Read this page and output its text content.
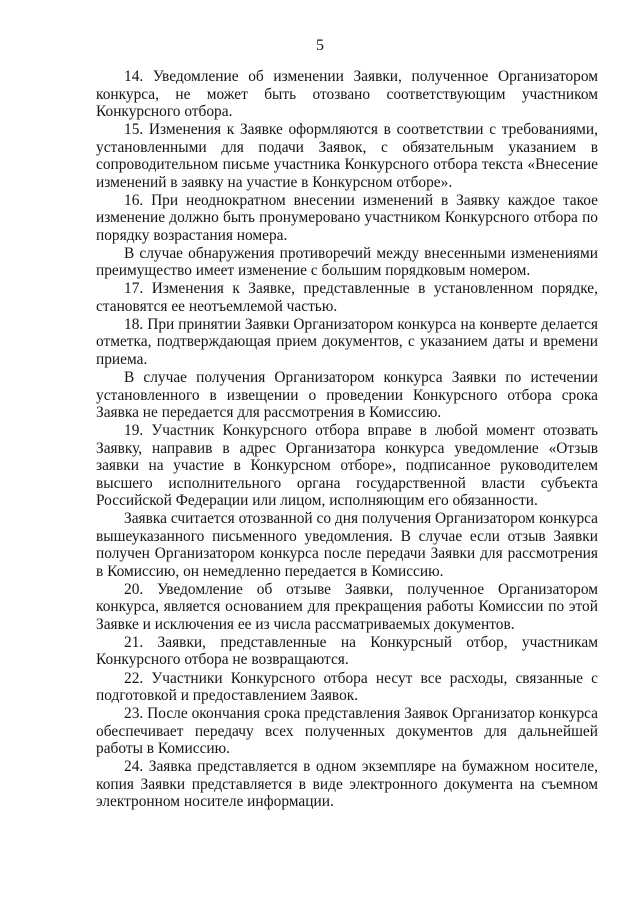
5

14. Уведомление об изменении Заявки, полученное Организатором конкурса, не может быть отозвано соответствующим участником Конкурсного отбора.

15. Изменения к Заявке оформляются в соответствии с требованиями, установленными для подачи Заявок, с обязательным указанием в сопроводительном письме участника Конкурсного отбора текста «Внесение изменений в заявку на участие в Конкурсном отборе».

16. При неоднократном внесении изменений в Заявку каждое такое изменение должно быть пронумеровано участником Конкурсного отбора по порядку возрастания номера.

В случае обнаружения противоречий между внесенными изменениями преимущество имеет изменение с большим порядковым номером.

17. Изменения к Заявке, представленные в установленном порядке, становятся ее неотъемлемой частью.

18. При принятии Заявки Организатором конкурса на конверте делается отметка, подтверждающая прием документов, с указанием даты и времени приема.

В случае получения Организатором конкурса Заявки по истечении установленного в извещении о проведении Конкурсного отбора срока Заявка не передается для рассмотрения в Комиссию.

19. Участник Конкурсного отбора вправе в любой момент отозвать Заявку, направив в адрес Организатора конкурса уведомление «Отзыв заявки на участие в Конкурсном отборе», подписанное руководителем высшего исполнительного органа государственной власти субъекта Российской Федерации или лицом, исполняющим его обязанности.

Заявка считается отозванной со дня получения Организатором конкурса вышеуказанного письменного уведомления. В случае если отзыв Заявки получен Организатором конкурса после передачи Заявки для рассмотрения в Комиссию, он немедленно передается в Комиссию.

20. Уведомление об отзыве Заявки, полученное Организатором конкурса, является основанием для прекращения работы Комиссии по этой Заявке и исключения ее из числа рассматриваемых документов.

21. Заявки, представленные на Конкурсный отбор, участникам Конкурсного отбора не возвращаются.

22. Участники Конкурсного отбора несут все расходы, связанные с подготовкой и предоставлением Заявок.

23. После окончания срока представления Заявок Организатор конкурса обеспечивает передачу всех полученных документов для дальнейшей работы в Комиссию.

24. Заявка представляется в одном экземпляре на бумажном носителе, копия Заявки представляется в виде электронного документа на съемном электронном носителе информации.
